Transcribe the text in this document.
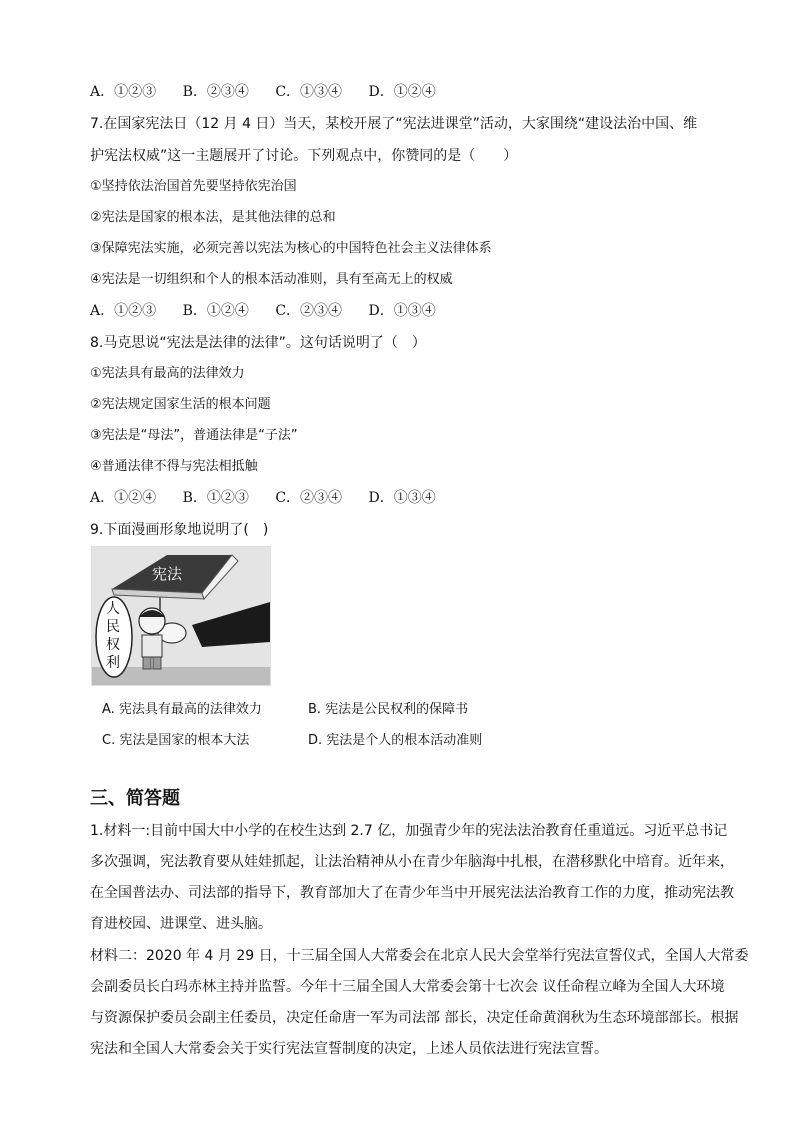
A．①②③ B．②③④ C．①③④ D．①②④
7.在国家宪法日（12 月 4 日）当天，某校开展了“宪法进课堂”活动，大家围绕“建设法治中国、维
护宪法权威”这一主题展开了讨论。下列观点中，你赞同的是（　　）
①坚持依法治国首先要坚持依宪治国
②宪法是国家的根本法，是其他法律的总和
③保障宪法实施，必须完善以宪法为核心的中国特色社会主义法律体系
④宪法是一切组织和个人的根本活动准则，具有至高无上的权威
A．①②③ B．①②④ C．②③④ D．①③④
8.马克思说“宪法是法律的法律”。这句话说明了（　）
①宪法具有最高的法律效力
②宪法规定国家生活的根本问题
③宪法是“母法”，普通法律是“子法”
④普通法律不得与宪法相抵触
A．①②④ B．①②③ C．②③④ D．①③④
9.下面漫画形象地说明了(　)
宪法
人
民
权
利
A. 宪法具有最高的法律效力	B. 宪法是公民权利的保障书
C. 宪法是国家的根本大法	D. 宪法是个人的根本活动准则
三、简答题
1.材料一:目前中国大中小学的在校生达到 2.7 亿，加强青少年的宪法法治教育任重道远。习近平总书记
多次强调，宪法教育要从娃娃抓起，让法治精神从小在青少年脑海中扎根，在潜移默化中培育。近年来，
在全国普法办、司法部的指导下，教育部加大了在青少年当中开展宪法法治教育工作的力度，推动宪法教
育进校园、进课堂、进头脑。
材料二：2020 年 4 月 29 日，十三届全国人大常委会在北京人民大会堂举行宪法宣誓仪式，全国人大常委
会副委员长白玛赤林主持并监誓。今年十三届全国人大常委会第十七次会 议任命程立峰为全国人大环境
与资源保护委员会副主任委员，决定任命唐一军为司法部 部长，决定任命黄润秋为生态环境部部长。根据
宪法和全国人大常委会关于实行宪法宣誓制度的决定，上述人员依法进行宪法宣誓。
